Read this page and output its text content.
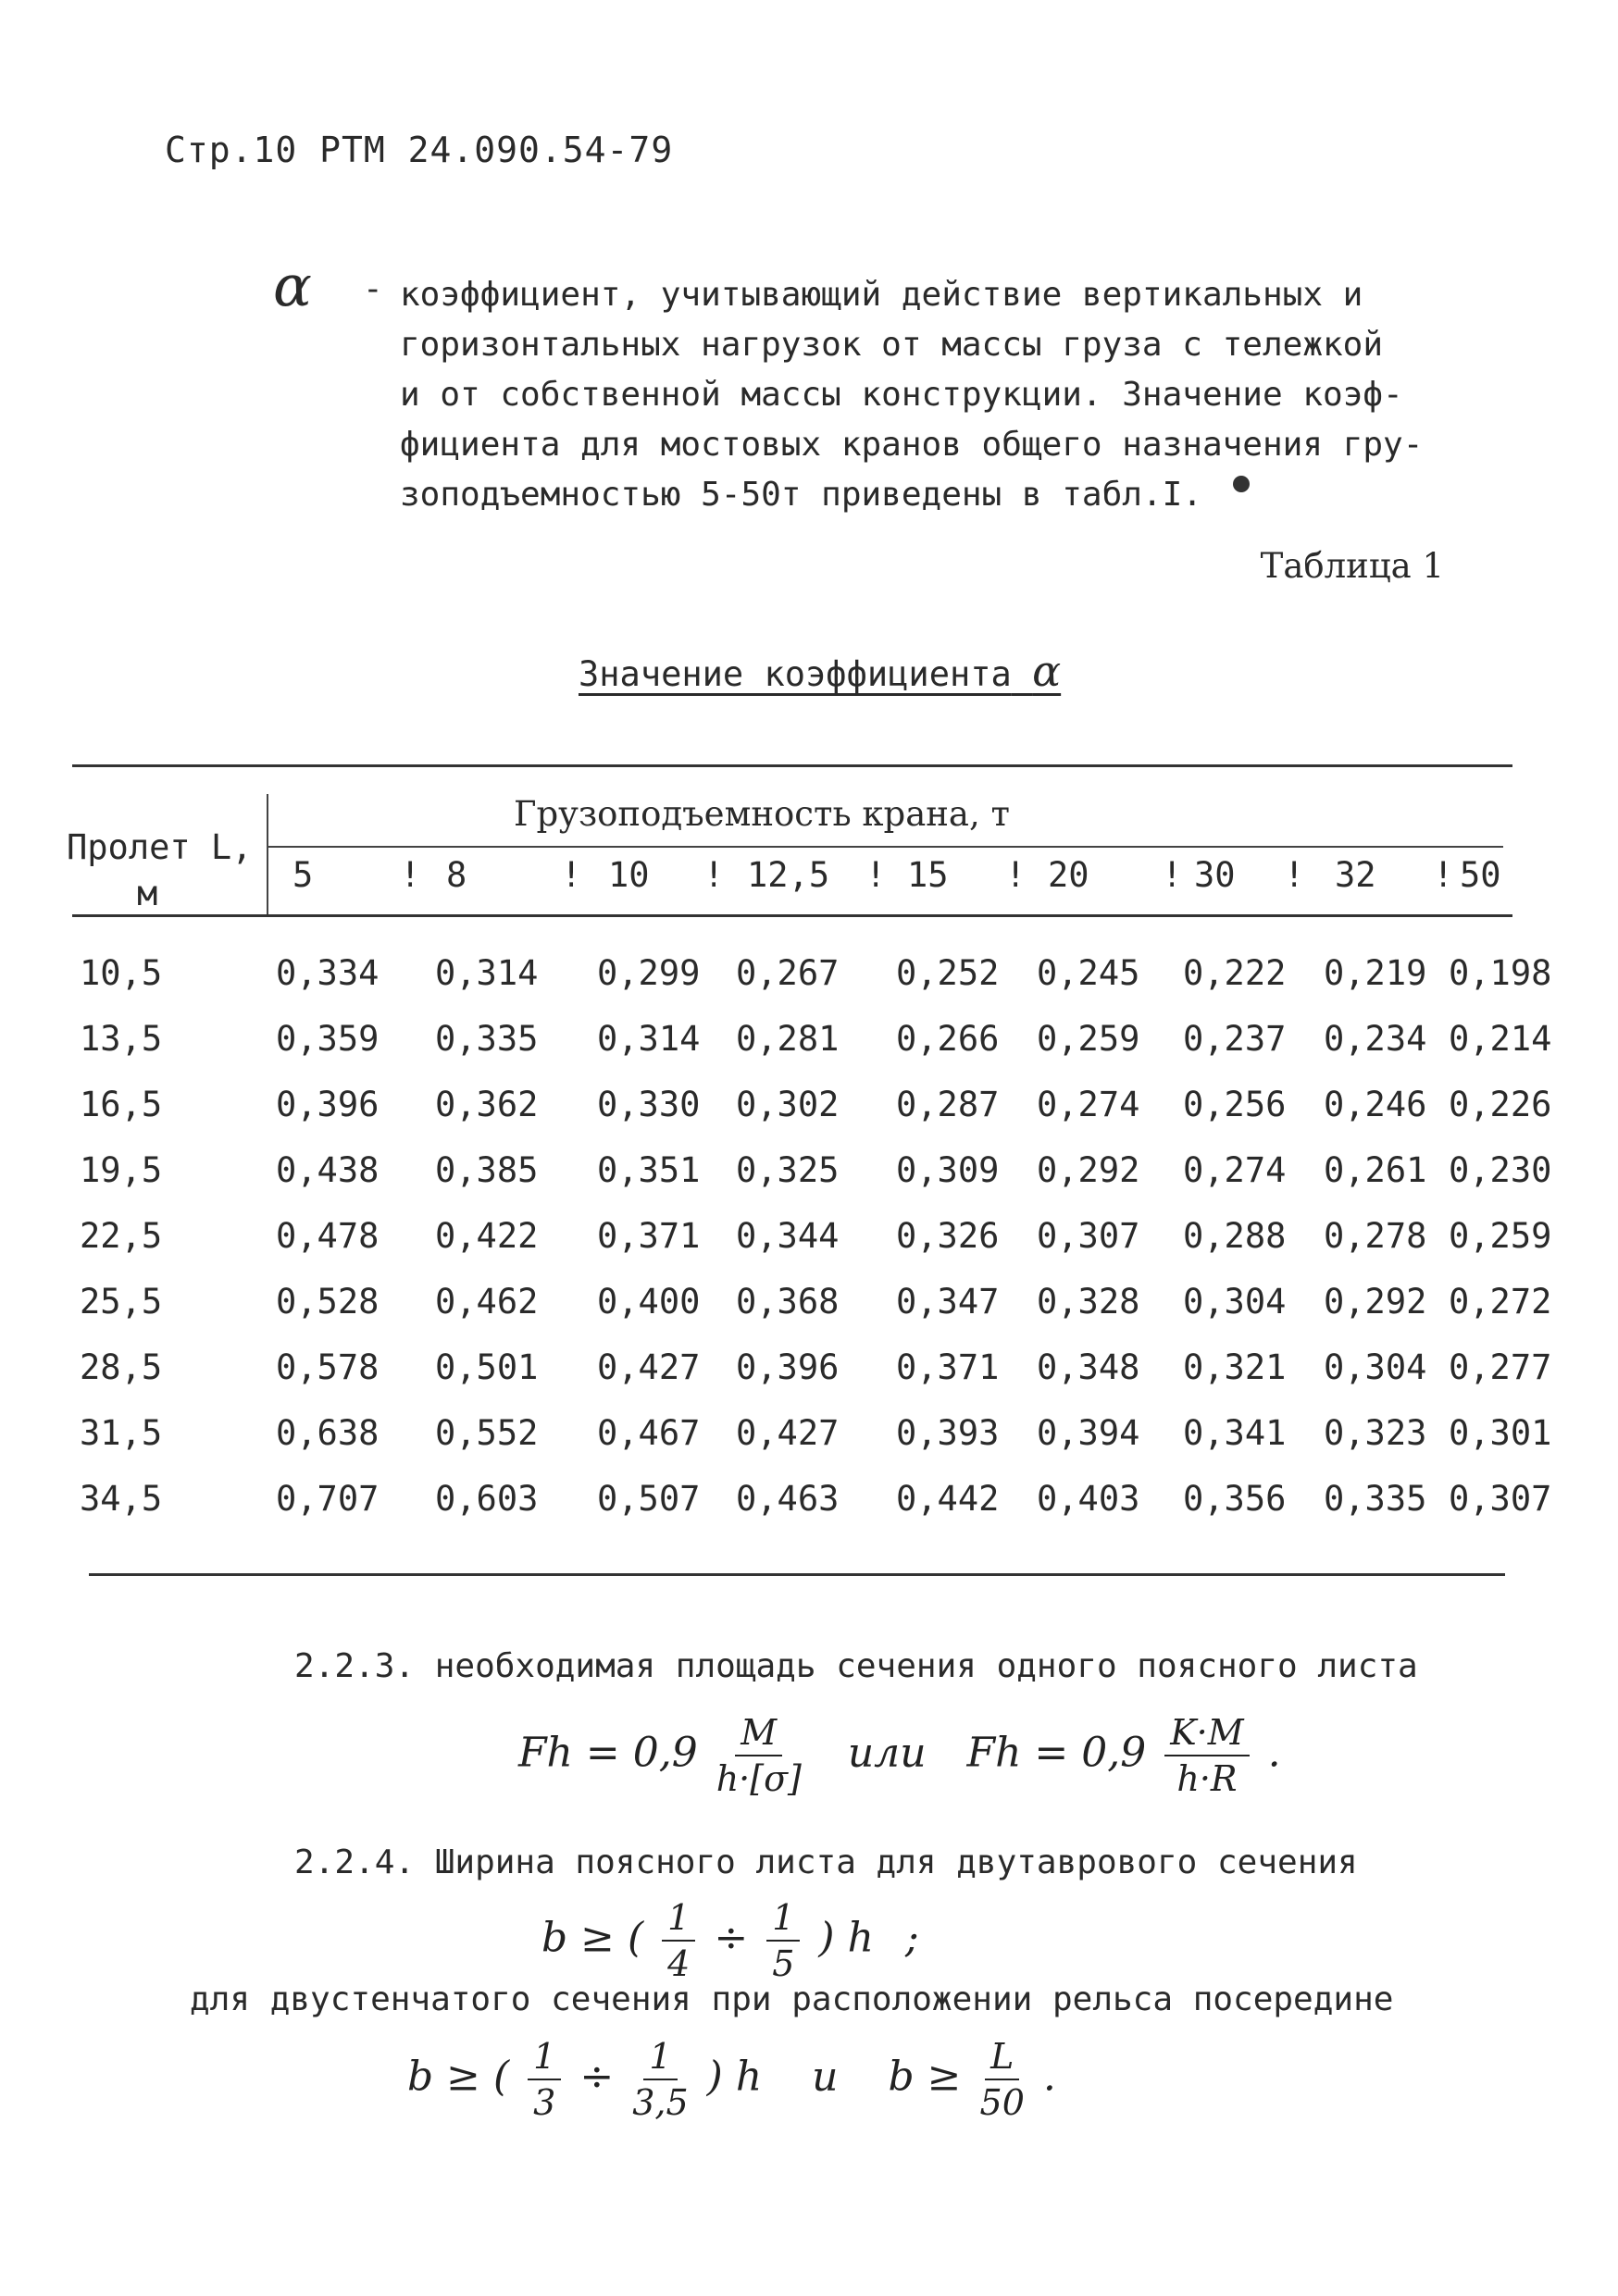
Стр.10 РТМ 24.090.54-79
α - коэффициент, учитывающий действие вертикальных и
горизонтальных нагрузок от массы груза с тележкой
и от собственной массы конструкции. Значение коэф-
фициента для мостовых кранов общего назначения гру-
зоподъемностью 5-50т приведены в табл.I.
Таблица 1
Значение коэффициента α
Пролет L,
м
Грузоподъемность крана, т
5	8	10	12,5 15	20	30	32 50
!	!	!	!	!	!	!	!
10,5	0,334 0,314 0,299 0,267 0,252 0,245 0,222 0,219 0,198
13,5	0,359 0,335 0,314 0,281 0,266 0,259 0,237 0,234 0,214
16,5	0,396 0,362 0,330 0,302 0,287 0,274 0,256 0,246 0,226
19,5	0,438 0,385 0,351 0,325 0,309 0,292 0,274 0,261 0,230
22,5	0,478 0,422 0,371 0,344 0,326 0,307 0,288 0,278 0,259
25,5	0,528 0,462 0,400 0,368 0,347 0,328 0,304 0,292 0,272
28,5	0,578 0,501 0,427 0,396 0,371 0,348 0,321 0,304 0,277
31,5	0,638 0,552 0,467 0,427 0,393 0,394 0,341 0,323 0,301
34,5	0,707 0,603 0,507 0,463 0,442 0,403 0,356 0,335 0,307
2.2.3. необходимая площадь сечения одного поясного листа
$Fh = 0,9 \frac{M}{h\cdot[\sigma]}$ или $Fh = 0,9 \frac{K\cdot M}{h\cdot R}$ .
2.2.4. Ширина поясного листа для двутаврового сечения
b ≥ ( $\frac{1}{4} \div \frac{1}{5}$ ) h ;
для двустенчатого сечения при расположении рельса посередине
b ≥ ( $\frac{1}{3} \div \frac{1}{3,5}$ ) h и $b \ge \frac{L}{50}$ .
